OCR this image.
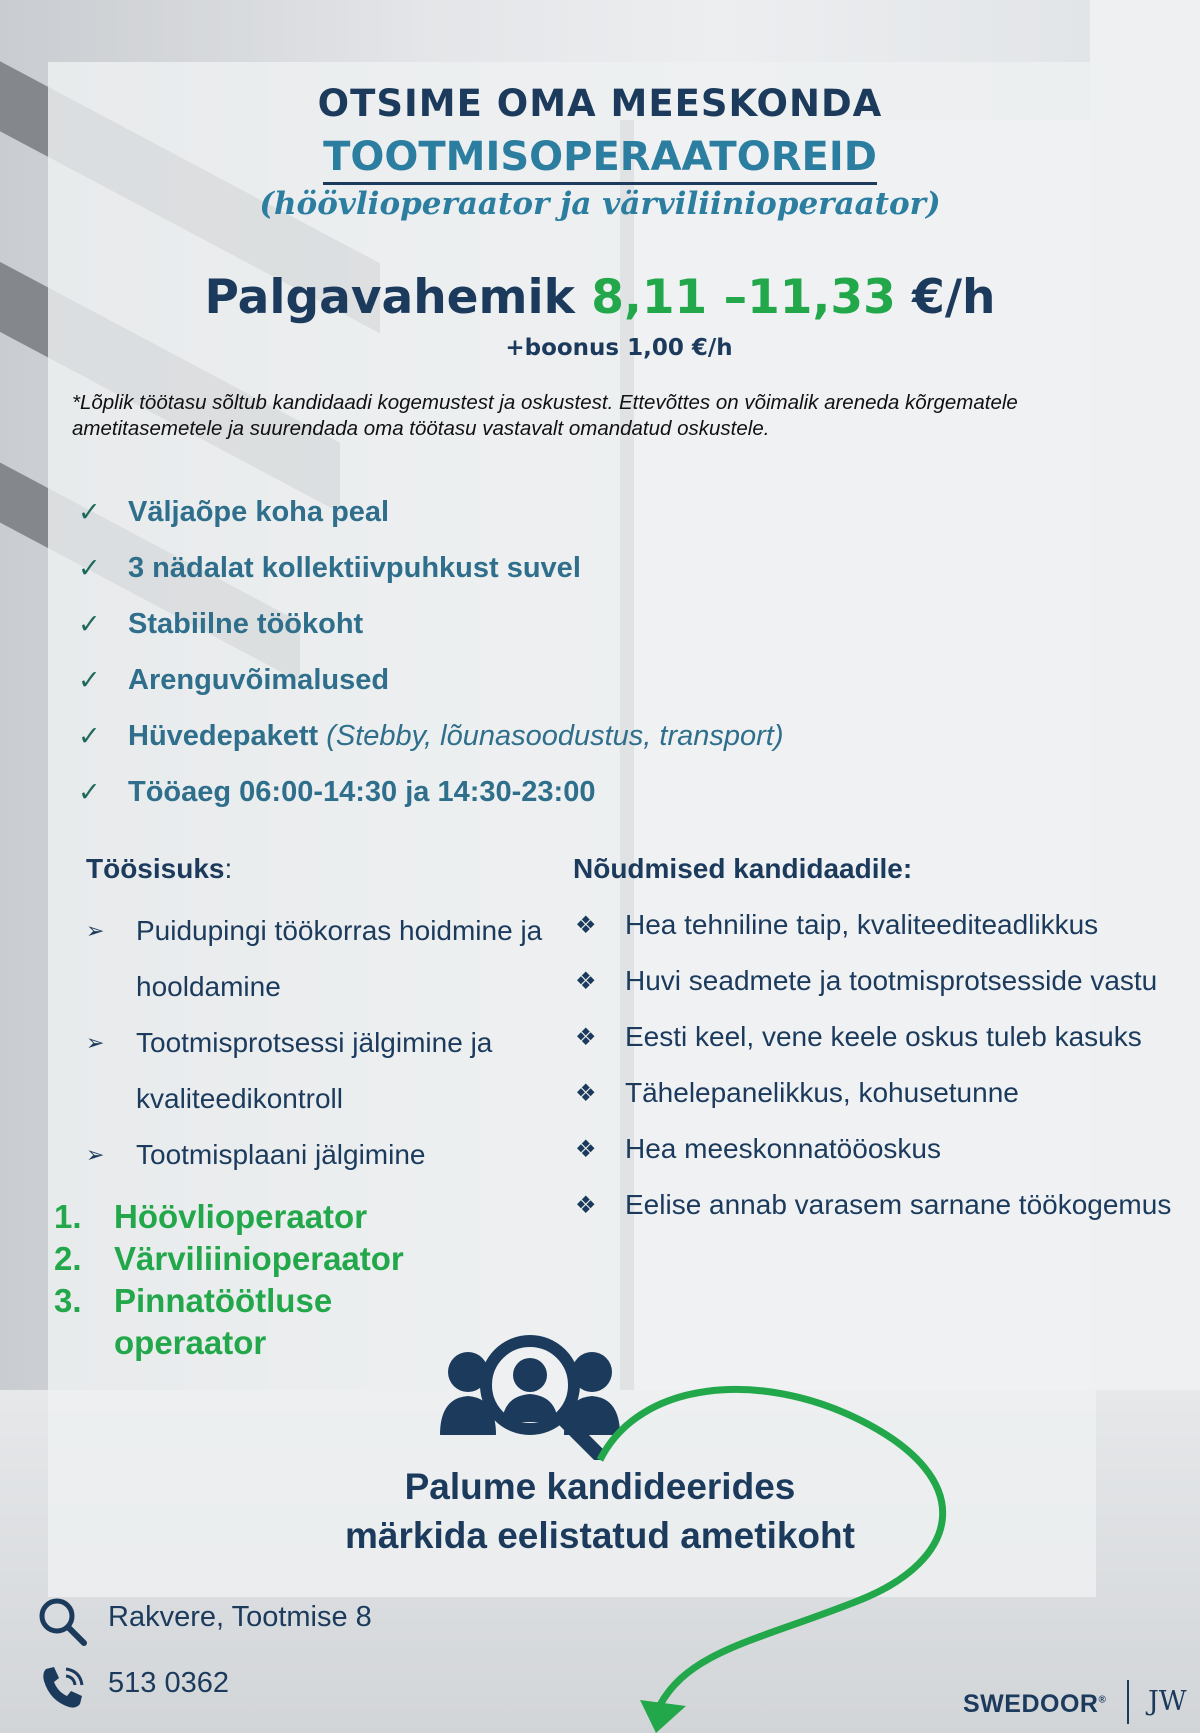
OTSIME OMA MEESKONDA
TOOTMISOPERAATOREID
(höövlioperaator ja värviliinioperaator)
Palgavahemik 8,11 –11,33 €/h
+boonus 1,00 €/h
*Lõplik töötasu sõltub kandidaadi kogemustest ja oskustest. Ettevõttes on võimalik areneda kõrgematele ametitasemetele ja suurendada oma töötasu vastavalt omandatud oskustele.
✓ Väljaõpe koha peal
✓ 3 nädalat kollektiivpuhkust suvel
✓ Stabiilne töökoht
✓ Arenguvõimalused
✓ Hüvedepakett (Stebby, lõunasoodustus, transport)
✓ Tööaeg 06:00-14:30 ja 14:30-23:00
Töösisuks:
➢ Puidupingi töökorras hoidmine ja hooldamine
➢ Tootmisprotsessi jälgimine ja kvaliteedikontroll
➢ Tootmisplaani jälgimine
1. Höövlioperaator
2. Värviliinioperaator
3. Pinnatöötluse operaator
Nõudmised kandidaadile:
❖ Hea tehniline taip, kvaliteediteadlikkus
❖ Huvi seadmete ja tootmisprotsesside vastu
❖ Eesti keel, vene keele oskus tuleb kasuks
❖ Tähelepanelikkus, kohusetunne
❖ Hea meeskonnatööoskus
❖ Eelise annab varasem sarnane töökogemus
Palume kandideerides
märkida eelistatud ametikoht
Rakvere, Tootmise 8
513 0362
SWEDOOR® JW
